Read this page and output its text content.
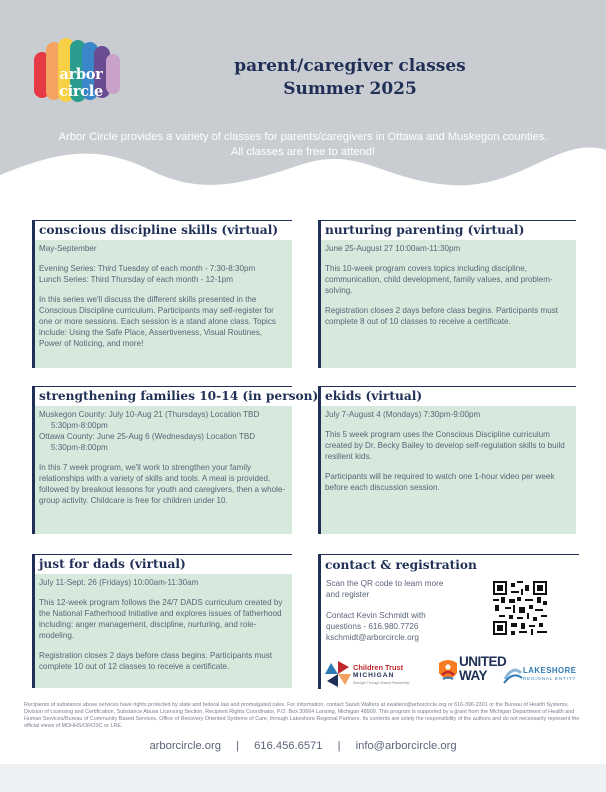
arbor circle
parent/caregiver classes
Summer 2025
Arbor Circle provides a variety of classes for parents/caregivers in Ottawa and Muskegon counties.
All classes are free to attend!
conscious discipline skills (virtual)

May-September

Evening Series: Third Tuesday of each month - 7:30-8:30pm

Lunch Series: Third Thursday of each month - 12-1pm

In this series we'll discuss the different skills presented in the Conscious Discipline curriculum. Participants may self-register for one or more sessions. Each session is a stand alone class. Topics include: Using the Safe Place, Assertiveness, Visual Routines, Power of Noticing, and more!

nurturing parenting (virtual)

June 25-August 27 10:00am-11:30pm

This 10-week program covers topics including discipline, communication, child development, family values, and problem-solving.

Registration closes 2 days before class begins. Participants must complete 8 out of 10 classes to receive a certificate.

strengthening families 10-14 (in person)

Muskegon County: July 10-Aug 21 (Thursdays) Location TBD

5:30pm-8:00pm

Ottawa County: June 25-Aug 6 (Wednesdays) Location TBD

5:30pm-8:00pm

In this 7 week program, we'll work to strengthen your family relationships with a variety of skills and tools. A meal is provided, followed by breakout lessons for youth and caregivers, then a whole-group activity. Childcare is free for children under 10.

ekids (virtual)

July 7-August 4 (Mondays) 7:30pm-9:00pm

This 5 week program uses the Conscious Discipline curriculum created by Dr. Becky Bailey to develop self-regulation skills to build resilient kids.

Participants will be required to watch one 1-hour video per week before each discussion session.

just for dads (virtual)

July 11-Sept. 26 (Fridays) 10:00am-11:30am

This 12-week program follows the 24/7 DADS curriculum created by the National Fatherhood Initiative and explores issues of fatherhood including: anger management, discipline, nurturing, and role-modeling.

Registration closes 2 days before class begins. Participants must complete 10 out of 12 classes to receive a certificate.

contact & registration

Scan the QR code to learn more and register

Contact Kevin Schmidt with questions - 616.980.7726

kschmidt@arborcircle.org

Children Trust
MICHIGAN
Strength Through Shared Partnership
UNITED
WAY	LAKESHORE
REGIONAL ENTITY
Recipients of substance abuse services have rights protected by state and federal law and promulgated rules. For information, contact Sarah Walters at swalters@arborcircle.org or 616-396-2301 or the Bureau of Health Systems, Division of Licensing and Certification, Substance Abuse Licensing Section, Recipient Rights Coordinator, P.O. Box 30664 Lansing, Michigan 48909. This program is supported by a grant from the Michigan Department of Health and Human Services/Bureau of Community Based Services, Office of Recovery Oriented Systems of Care, through Lakeshore Regional Partners. Its contents are solely the responsibility of the authors and do not necessarily represent the official views of MDHHS/OROSC or LRE.
arborcircle.org | 616.456.6571 | info@arborcircle.org
